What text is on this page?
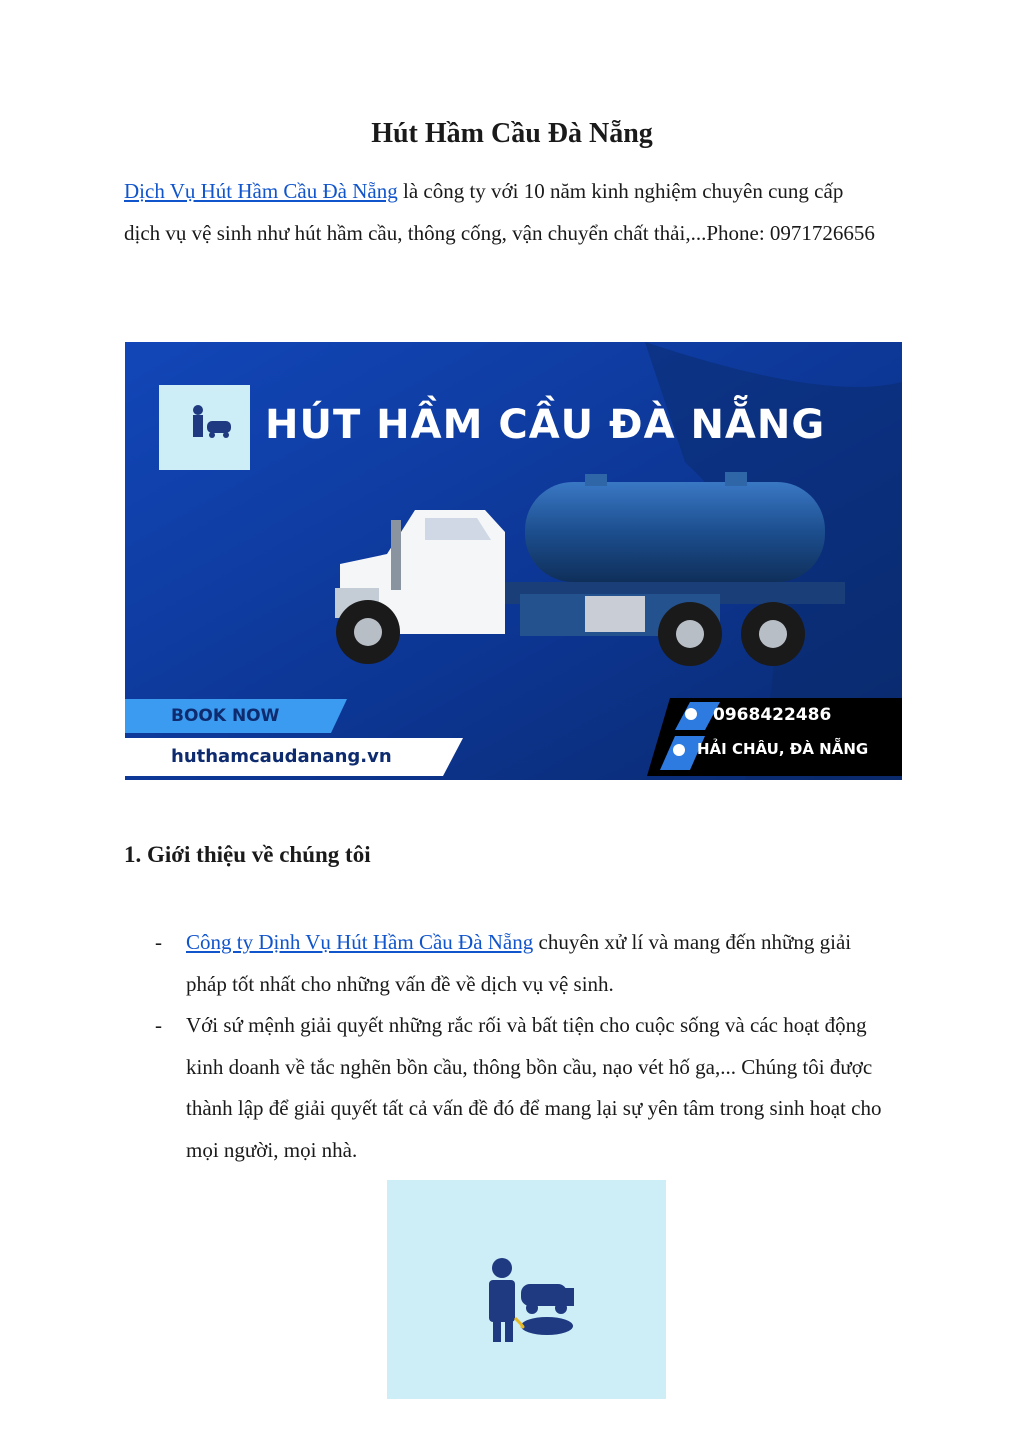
Hút Hầm Cầu Đà Nẵng

Dịch Vụ Hút Hầm Cầu Đà Nẵng là công ty với 10 năm kinh nghiệm chuyên cung cấp dịch vụ vệ sinh như hút hầm cầu, thông cống, vận chuyển chất thải,...Phone: 0971726656

HÚT HẦM CẦU ĐÀ NẴNG
BOOK NOW
huthamcaudanang.vn
0968422486
HẢI CHÂU, ĐÀ NẴNG
1. Giới thiệu về chúng tôi
- Công ty Dịnh Vụ Hút Hầm Cầu Đà Nẵng chuyên xử lí và mang đến những giải pháp tốt nhất cho những vấn đề về dịch vụ vệ sinh.
- Với sứ mệnh giải quyết những rắc rối và bất tiện cho cuộc sống và các hoạt động kinh doanh về tắc nghẽn bồn cầu, thông bồn cầu, nạo vét hố ga,... Chúng tôi được thành lập để giải quyết tất cả vấn đề đó để mang lại sự yên tâm trong sinh hoạt cho mọi người, mọi nhà.
